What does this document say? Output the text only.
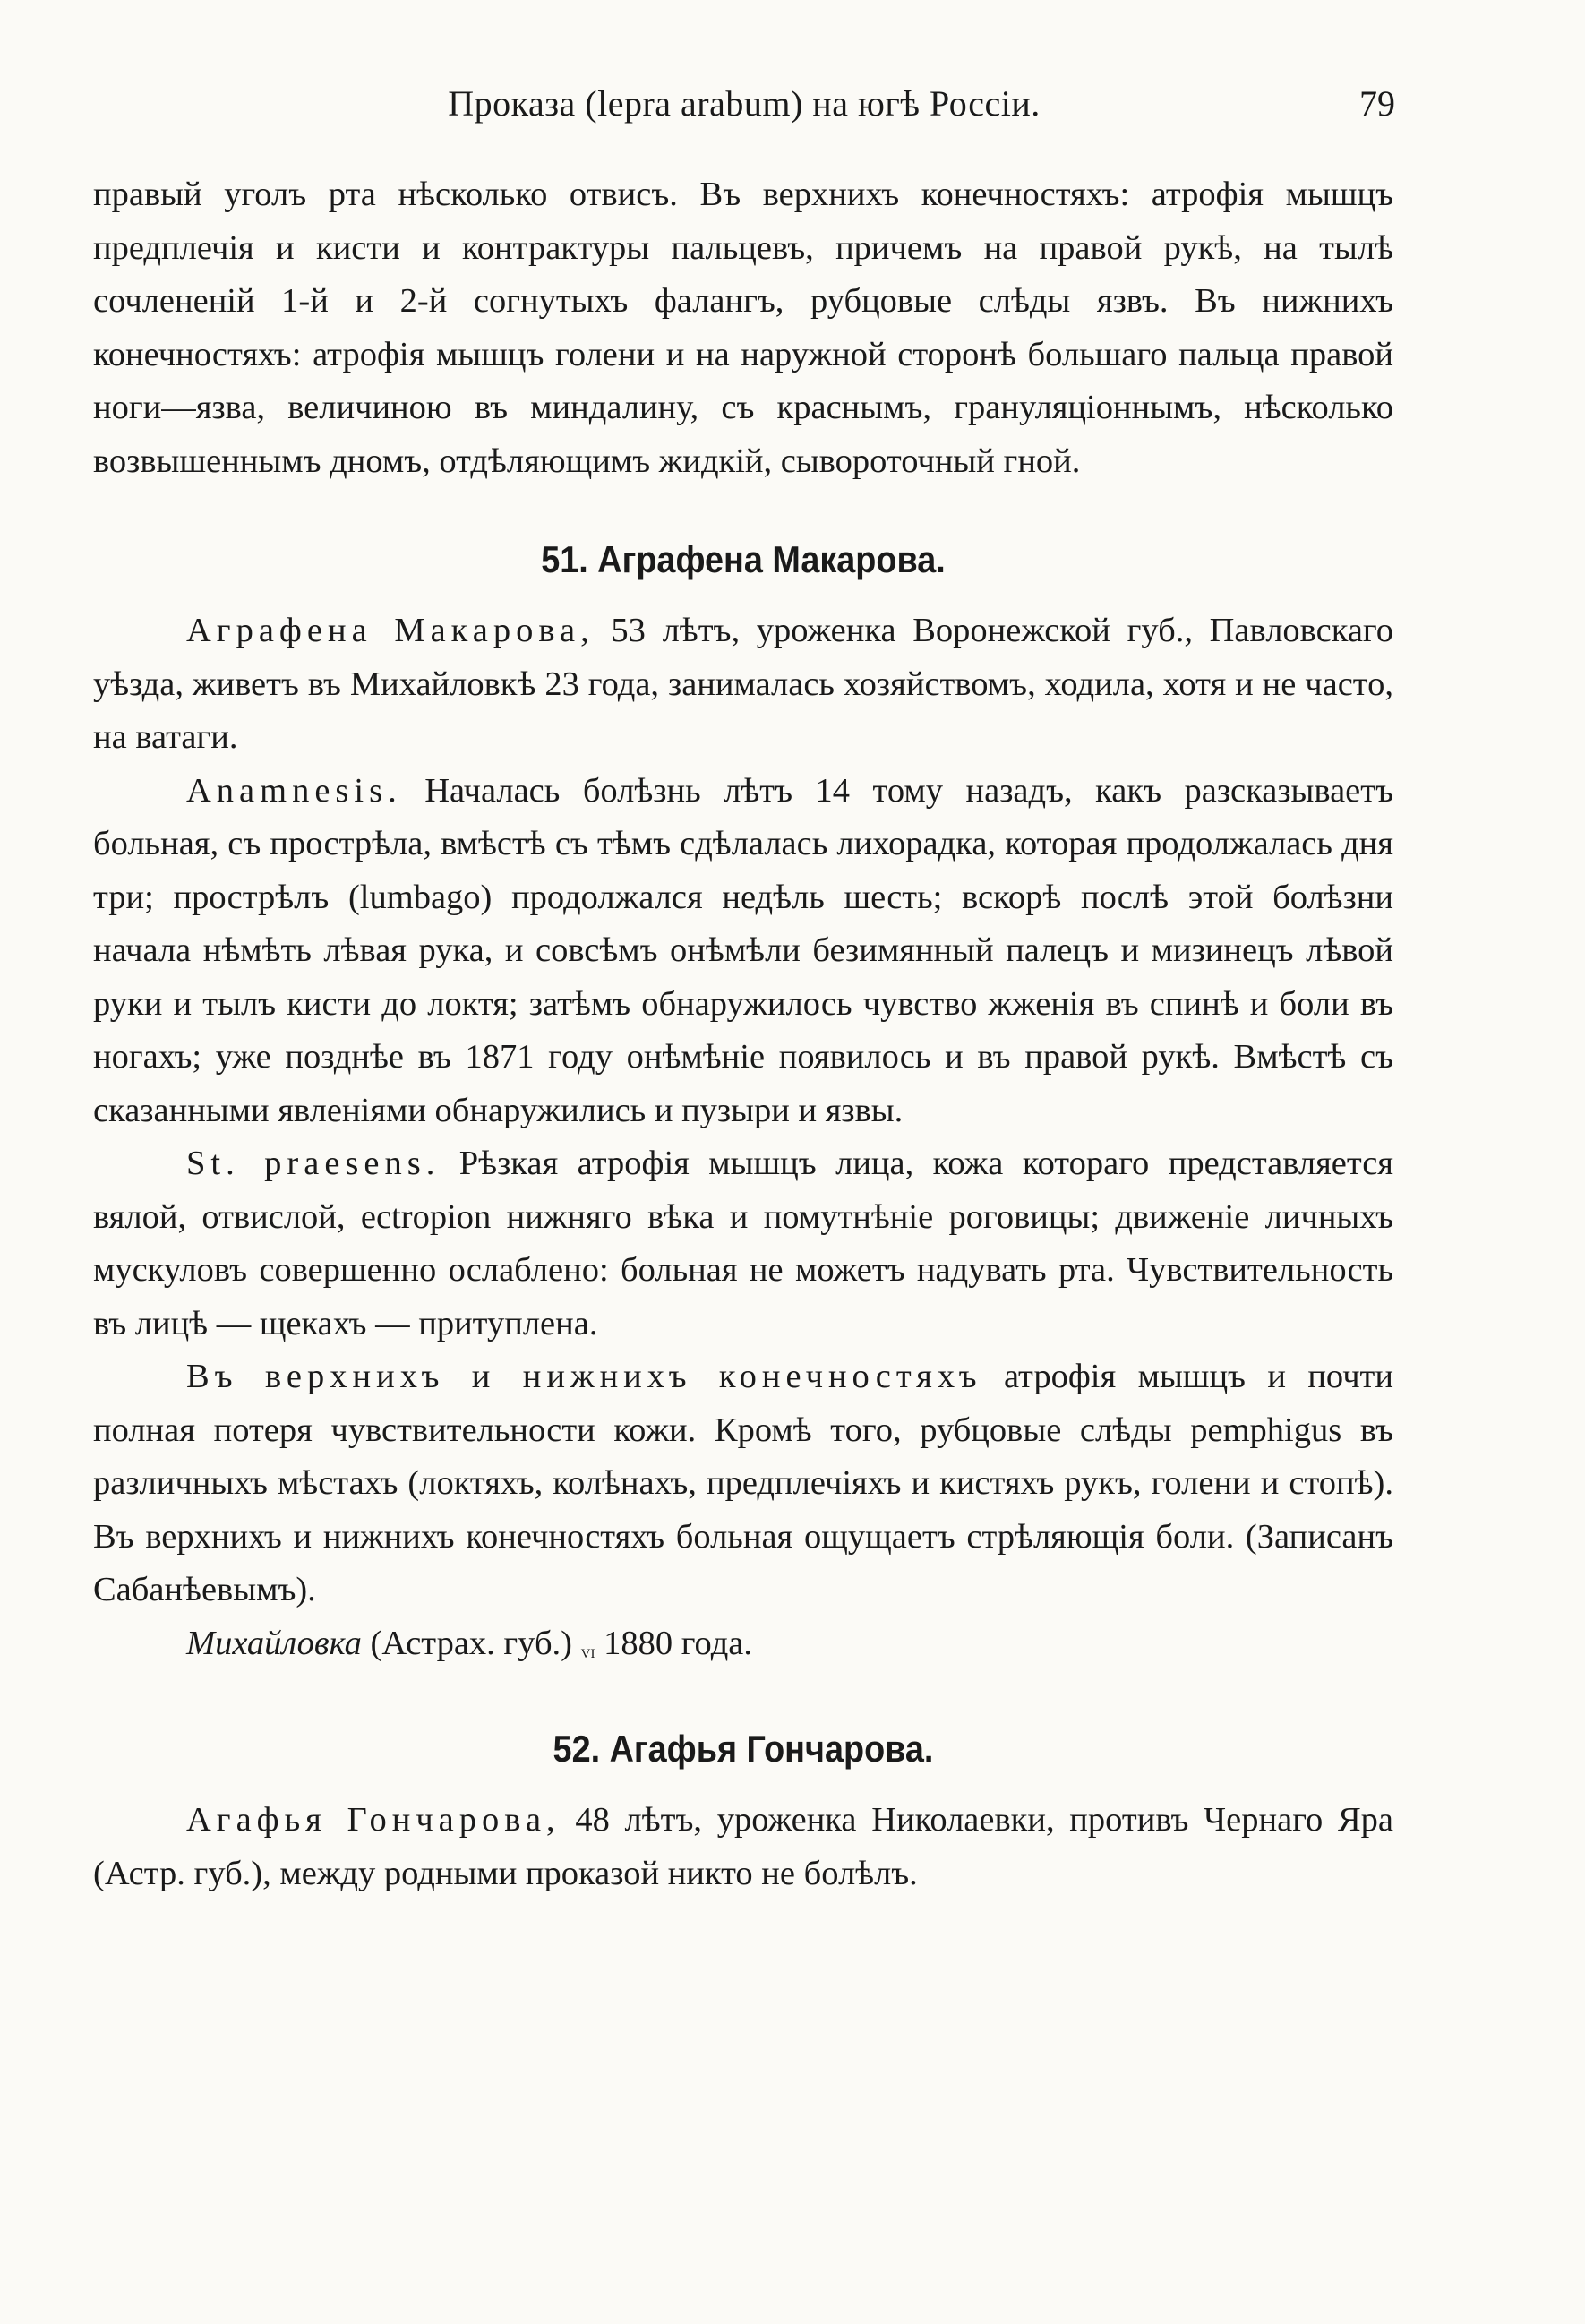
Проказа (lepra arabum) на югѣ Россіи.	79

правый уголъ рта нѣсколько отвисъ. Въ верхнихъ конечностяхъ: атрофія мышцъ предплечія и кисти и контрактуры пальцевъ, причемъ на правой рукѣ, на тылѣ сочлененій 1-й и 2-й согнутыхъ фалангъ, рубцовые слѣды язвъ. Въ нижнихъ конечностяхъ: атрофія мышцъ голени и на наружной сторонѣ большаго пальца правой ноги—язва, величиною въ миндалину, съ краснымъ, грануляціоннымъ, нѣсколько возвышеннымъ дномъ, отдѣляющимъ жидкій, сывороточный гной.

51. Аграфена Макарова.

Аграфена Макарова, 53 лѣтъ, уроженка Воронежской губ., Павловскаго уѣзда, живетъ въ Михайловкѣ 23 года, занималась хозяйствомъ, ходила, хотя и не часто, на ватаги.

Anamnesis. Началась болѣзнь лѣтъ 14 тому назадъ, какъ разсказываетъ больная, съ прострѣла, вмѣстѣ съ тѣмъ сдѣлалась лихорадка, которая продолжалась дня три; прострѣлъ (lumbago) продолжался недѣль шесть; вскорѣ послѣ этой болѣзни начала нѣмѣть лѣвая рука, и совсѣмъ онѣмѣли безимянный палецъ и мизинецъ лѣвой руки и тылъ кисти до локтя; затѣмъ обнаружилось чувство жженія въ спинѣ и боли въ ногахъ; уже позднѣе въ 1871 году онѣмѣніе появилось и въ правой рукѣ. Вмѣстѣ съ сказанными явленіями обнаружились и пузыри и язвы.

St. praesens. Рѣзкая атрофія мышцъ лица, кожа котораго представляется вялой, отвислой, ectropion нижняго вѣка и помутнѣніе роговицы; движеніе личныхъ мускуловъ совершенно ослаблено: больная не можетъ надувать рта. Чувствительность въ лицѣ — щекахъ — притуплена.

Въ верхнихъ и нижнихъ конечностяхъ атрофія мышцъ и почти полная потеря чувствительности кожи. Кромѣ того, рубцовые слѣды pemphigus въ различныхъ мѣстахъ (локтяхъ, колѣнахъ, предплечіяхъ и кистяхъ рукъ, голени и стопѣ). Въ верхнихъ и нижнихъ конечностяхъ больная ощущаетъ стрѣляющія боли. (Записанъ Сабанѣевымъ).

Михайловка (Астрах. губ.) vi 1880 года.

52. Агафья Гончарова.

Агафья Гончарова, 48 лѣтъ, уроженка Николаевки, противъ Чернаго Яра (Астр. губ.), между родными проказой никто не болѣлъ.
